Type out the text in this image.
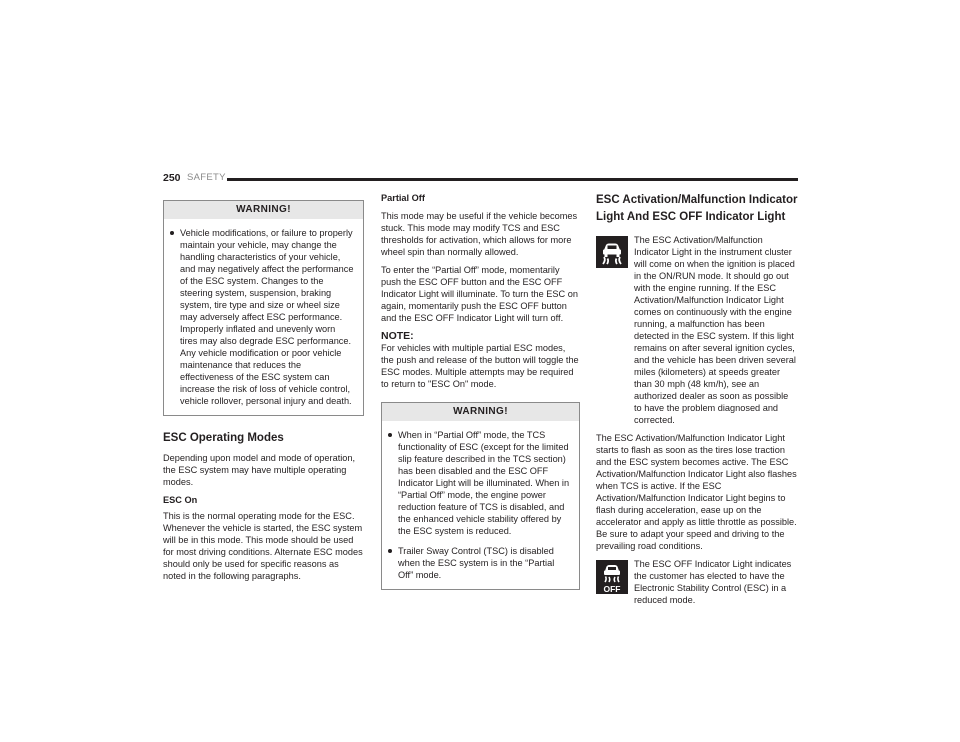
250 SAFETY
WARNING!
Vehicle modifications, or failure to properly maintain your vehicle, may change the handling characteristics of your vehicle, and may negatively affect the performance of the ESC system. Changes to the steering system, suspension, braking system, tire type and size or wheel size may adversely affect ESC performance. Improperly inflated and unevenly worn tires may also degrade ESC performance. Any vehicle modification or poor vehicle maintenance that reduces the effectiveness of the ESC system can increase the risk of loss of vehicle control, vehicle rollover, personal injury and death.
ESC Operating Modes

Depending upon model and mode of operation, the ESC system may have multiple operating modes.

ESC On

This is the normal operating mode for the ESC. Whenever the vehicle is started, the ESC system will be in this mode. This mode should be used for most driving conditions. Alternate ESC modes should only be used for specific reasons as noted in the following paragraphs.

Partial Off

This mode may be useful if the vehicle becomes stuck. This mode may modify TCS and ESC thresholds for activation, which allows for more wheel spin than normally allowed.

To enter the “Partial Off” mode, momentarily push the ESC OFF button and the ESC OFF Indicator Light will illuminate. To turn the ESC on again, momentarily push the ESC OFF button and the ESC OFF Indicator Light will turn off.

NOTE:

For vehicles with multiple partial ESC modes, the push and release of the button will toggle the ESC modes. Multiple attempts may be required to return to "ESC On" mode.

WARNING!
When in “Partial Off” mode, the TCS functionality of ESC (except for the limited slip feature described in the TCS section) has been disabled and the ESC OFF Indicator Light will be illuminated. When in “Partial Off” mode, the engine power reduction feature of TCS is disabled, and the enhanced vehicle stability offered by the ESC system is reduced.
Trailer Sway Control (TSC) is disabled when the ESC system is in the “Partial Off” mode.
ESC Activation/Malfunction Indicator Light And ESC OFF Indicator Light

The ESC Activation/Malfunction Indicator Light in the instrument cluster will come on when the ignition is placed in the ON/RUN mode. It should go out with the engine running. If the ESC Activation/Malfunction Indicator Light comes on continuously with the engine running, a malfunction has been detected in the ESC system. If this light remains on after several ignition cycles, and the vehicle has been driven several miles (kilometers) at speeds greater than 30 mph (48 km/h), see an authorized dealer as soon as possible to have the problem diagnosed and corrected.

The ESC Activation/Malfunction Indicator Light starts to flash as soon as the tires lose traction and the ESC system becomes active. The ESC Activation/Malfunction Indicator Light also flashes when TCS is active. If the ESC Activation/Malfunction Indicator Light begins to flash during acceleration, ease up on the accelerator and apply as little throttle as possible. Be sure to adapt your speed and driving to the prevailing road conditions.

OFF

The ESC OFF Indicator Light indicates the customer has elected to have the Electronic Stability Control (ESC) in a reduced mode.
